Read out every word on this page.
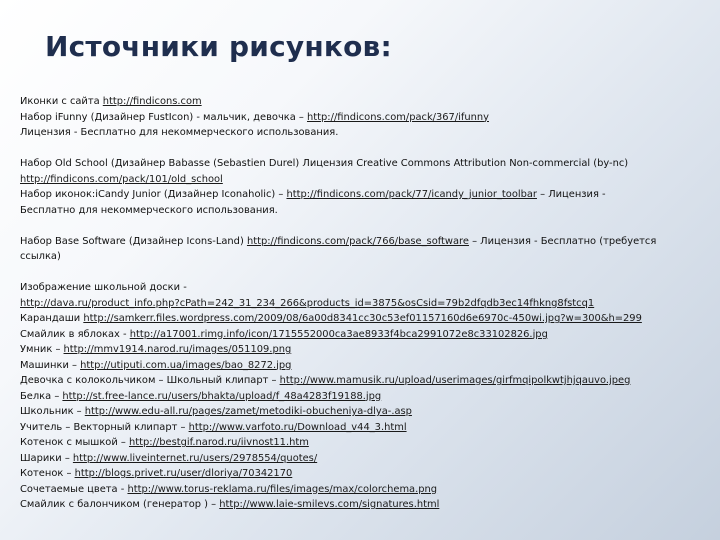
Источники рисунков:
Иконки с сайта http://findicons.com
Набор iFunny (Дизайнер FustIcon) - мальчик, девочка – http://findicons.com/pack/367/ifunny
Лицензия - Бесплатно для некоммерческого использования.
Набор Old School (Дизайнер Babasse (Sebastien Durel) Лицензия Creative Commons Attribution Non-commercial (by-nc)
http://findicons.com/pack/101/old_school
Набор иконок:iCandy Junior (Дизайнер Iconaholic) – http://findicons.com/pack/77/icandy_junior_toolbar – Лицензия -
Бесплатно для некоммерческого использования.
Набор Base Software (Дизайнер Icons-Land) http://findicons.com/pack/766/base_software – Лицензия - Бесплатно (требуется
ссылка)
Изображение школьной доски -
http://dava.ru/product_info.php?cPath=242_31_234_266&products_id=3875&osCsid=79b2dfqdb3ec14fhkng8fstcq1
Карандаши http://samkerr.files.wordpress.com/2009/08/6a00d8341cc30c53ef01157160d6e6970c-450wi.jpg?w=300&h=299
Смайлик в яблоках - http://a17001.rimg.info/icon/1715552000ca3ae8933f4bca2991072e8c33102826.jpg
Умник – http://mmv1914.narod.ru/images/051109.png
Машинки – http://utiputi.com.ua/images/bao_8272.jpg
Девочка с колокольчиком – Школьный клипарт – http://www.mamusik.ru/upload/userimages/girfmqipolkwtjhjqauvo.jpeg
Белка – http://st.free-lance.ru/users/bhakta/upload/f_48a4283f19188.jpg
Школьник – http://www.edu-all.ru/pages/zamet/metodiki-obucheniya-dlya-.asp
Учитель – Векторный клипарт – http://www.varfoto.ru/Download_v44_3.html
Котенок с мышкой – http://bestgif.narod.ru/iivnost11.htm
Шарики – http://www.liveinternet.ru/users/2978554/quotes/
Котенок – http://blogs.privet.ru/user/dloriya/70342170
Сочетаемые цвета - http://www.torus-reklama.ru/files/images/max/colorchema.png
Смайлик с балончиком (генератор ) – http://www.laie-smilevs.com/signatures.html
